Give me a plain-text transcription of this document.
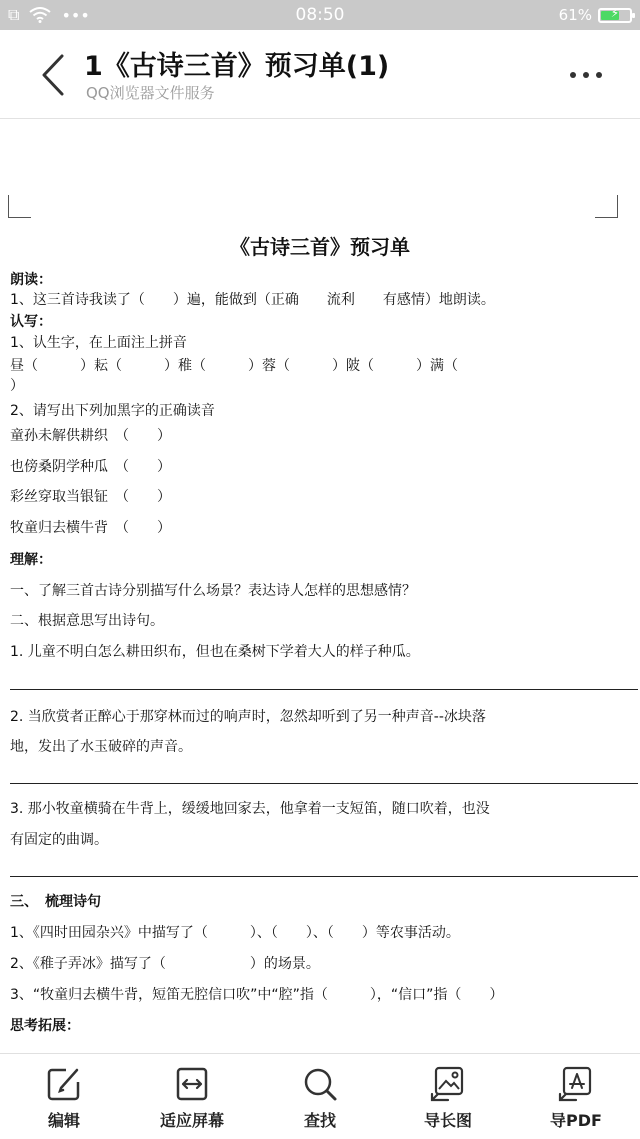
⧉	•••	08:50	61%	⚡
1《古诗三首》预习单(1)
QQ浏览器文件服务
《古诗三首》预习单
朗读：
1、这三首诗我读了（　　）遍，能做到（正确　　流利　　有感情）地朗读。
认写：
1、认生字，在上面注上拼音
昼（　　　）耘（　　　）稚（　　　）蓉（　　　）陂（　　　）满（
）
2、请写出下列加黑字的正确读音
童孙未解供耕织　（　　）
也傍桑阴学种瓜　（　　）
彩丝穿取当银钲　（　　）
牧童归去横牛背　（　　）
理解：
一、了解三首古诗分别描写什么场景？表达诗人怎样的思想感情？
二、根据意思写出诗句。
1. 儿童不明白怎么耕田织布，但也在桑树下学着大人的样子种瓜。
2. 当欣赏者正醉心于那穿林而过的响声时，忽然却听到了另一种声音--冰块落
地，发出了水玉破碎的声音。
3. 那小牧童横骑在牛背上，缓缓地回家去，他拿着一支短笛，随口吹着，也没
有固定的曲调。
三、　梳理诗句
1、《四时田园杂兴》中描写了（　　　）、（　　）、（　　）等农事活动。
2、《稚子弄冰》描写了（　　　　　　）的场景。
3、“牧童归去横牛背，短笛无腔信口吹”中“腔”指（　　　），“信口”指（　　）
思考拓展：
编辑	适应屏幕	查找	导长图	导PDF
